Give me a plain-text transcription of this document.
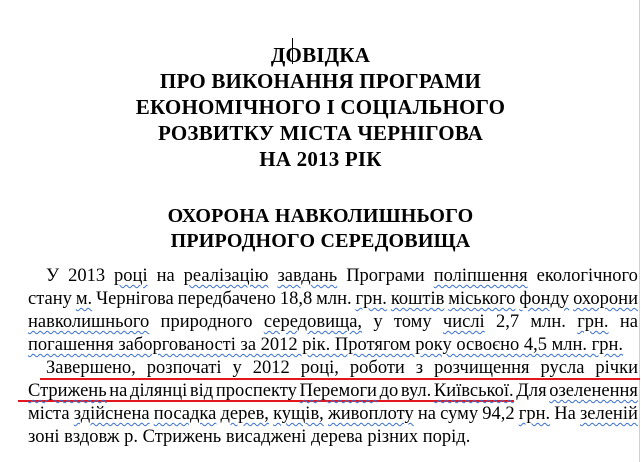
ДОВІДКА
ПРО ВИКОНАННЯ ПРОГРАМИ
ЕКОНОМІЧНОГО І СОЦІАЛЬНОГО
РОЗВИТКУ МІСТА ЧЕРНІГОВА
НА 2013 РІК
ОХОРОНА НАВКОЛИШНЬОГО
ПРИРОДНОГО СЕРЕДОВИЩА
У 2013 році на реалізацію завдань Програми поліпшення екологічного
стану м. Чернігова передбачено 18,8 млн. грн. коштів міського фонду охорони
навколишнього природного середовища, у тому числі 2,7 млн. грн. на
погашення заборгованості за 2012 рік. Протягом року освоєно 4,5 млн. грн.
Завершено, розпочаті у 2012 році, роботи з розчищення русла річки
Стрижень на ділянці від проспекту Перемоги до вул. Київської. Для озеленення
міста здійснена посадка дерев, кущів, живоплоту на суму 94,2 грн. На зеленій
зоні вздовж р. Стрижень висаджені дерева різних порід.
